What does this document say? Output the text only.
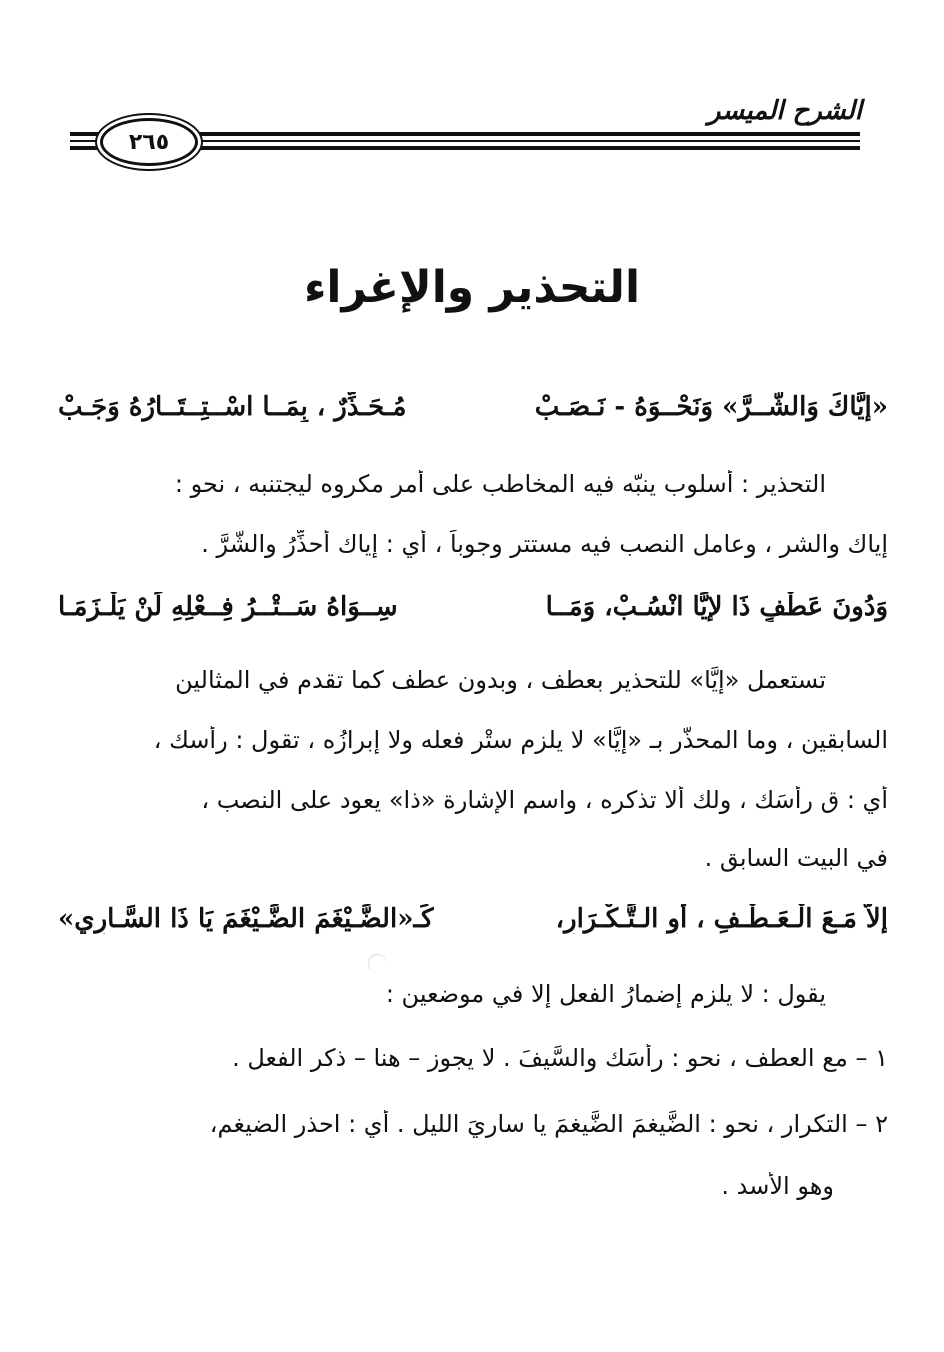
الشرح الميسر
٢٦٥
التحذير والإغراء
«إِيَّاكَ وَالشَّــرَّ» وَنَحْــوَهُ - نَـصَـبْ
مُـحَـذِّرٌ ، بِمَــا اسْــتِــتَــارُهُ وَجَـبْ
التحذير : أسلوب ينبّه فيه المخاطب على أمر مكروه ليجتنبه ، نحو :
إياك والشر ، وعامل النصب فيه مستتر وجوباً ، أي : إياك أُحذِّرُ والشَّرَّ .
وَدُونَ عَطْفٍ ذَا لإِيَّا انْسُـبْ، وَمَــا
سِــوَاهُ سَــتْــرُ فِــعْلِهِ لَنْ يَلْـزَمَـا
تستعمل «إيَّا» للتحذير بعطف ، وبدون عطف كما تقدم في المثالين
السابقين ، وما المحذَّر بـ «إيَّا» لا يلزم ستْر فعله ولا إبرازُه ، تقول : رأسك ،
أي : قِ رأسَك ، ولك ألا تذكره ، واسم الإشارة «ذا» يعود على النصب ،
في البيت السابق .
إِلاَّ مَـعَ الْـعَـطْـفِ ، أَوِ الـتَّـكْـرَارِ،
كَـ«الضَّـيْغَمَ الضَّـيْغَمَ يَا ذَا السَّـارِي»
يقول : لا يلزم إضمارُ الفعل إلا في موضعين :
١ – مع العطف ، نحو : رأسَك والسَّيفَ . لا يجوز – هنا – ذكر الفعل .
٢ – التكرار ، نحو : الضَّيغمَ الضَّيغمَ يا ساريَ الليل . أي : احذر الضيغم،
وهو الأسد .
